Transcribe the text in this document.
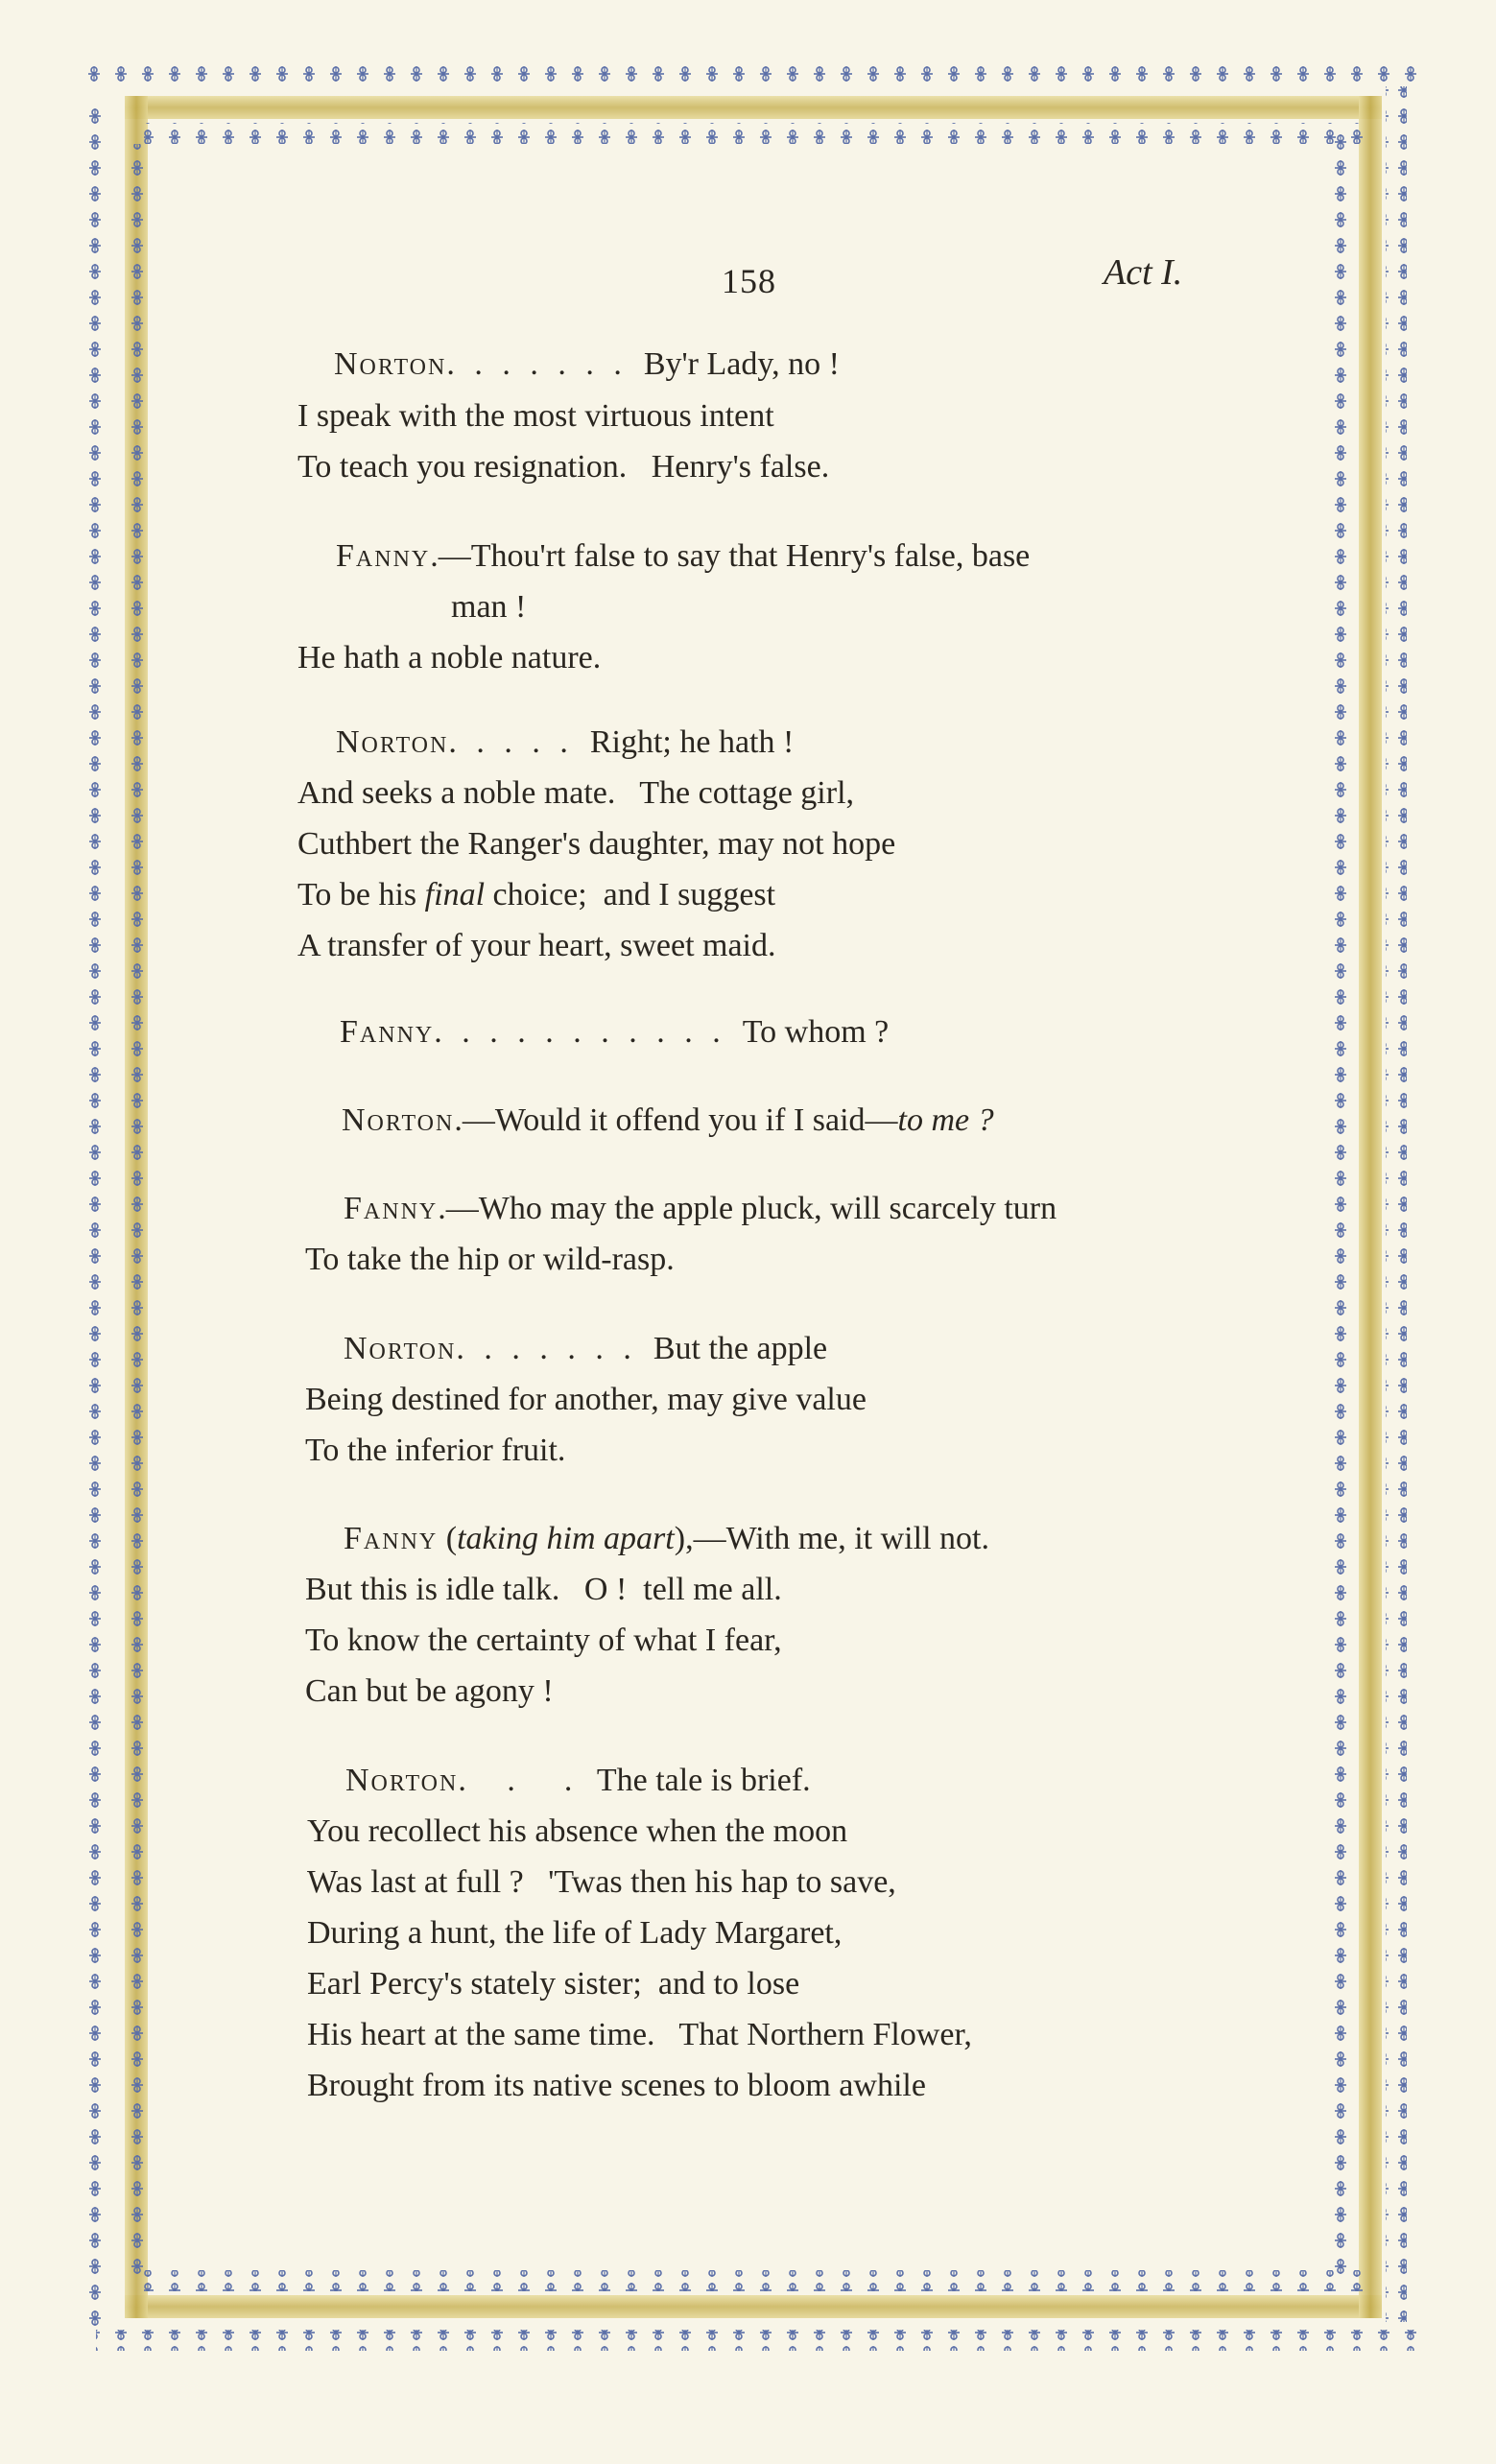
158	Act I.
Norton. . . . . . . By'r Lady, no !
I speak with the most virtuous intent
To teach you resignation.   Henry's false.
Fanny.—Thou'rt false to say that Henry's false, base
man !
He hath a noble nature.
Norton. . . . . Right; he hath !
And seeks a noble mate.   The cottage girl,
Cuthbert the Ranger's daughter, may not hope
To be his final choice;  and I suggest
A transfer of your heart, sweet maid.
Fanny. . . . . . . . . . . To whom ?
Norton.—Would it offend you if I said—to me ?
Fanny.—Who may the apple pluck, will scarcely turn
To take the hip or wild-rasp.
Norton. . . . . . . But the apple
Being destined for another, may give value
To the inferior fruit.
Fanny (taking him apart),—With me, it will not.
But this is idle talk.   O !  tell me all.
To know the certainty of what I fear,
Can but be agony !
Norton.     .      . The tale is brief.
You recollect his absence when the moon
Was last at full ?   'Twas then his hap to save,
During a hunt, the life of Lady Margaret,
Earl Percy's stately sister;  and to lose
His heart at the same time.   That Northern Flower,
Brought from its native scenes to bloom awhile
